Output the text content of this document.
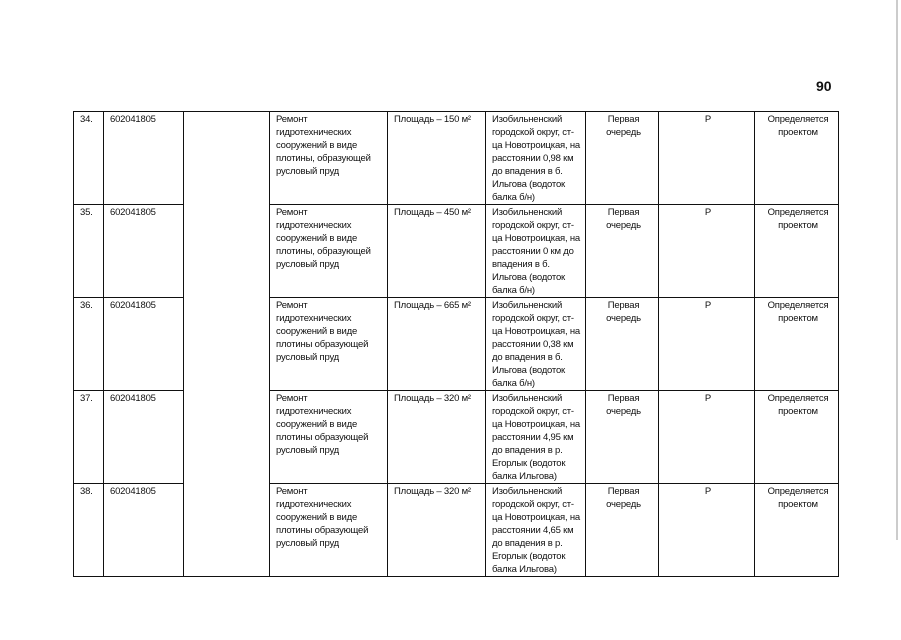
90
34.	602041805		Ремонт гидротехнических сооружений в виде плотины, образующей русловый пруд	Площадь – 150 м²	Изобильненский городской округ, ст-ца Новотроицкая, на расстоянии 0,98 км до впадения в б. Ильгова (водоток балка б/н)	Первая очередь	Р	Определяется проектом
35.	602041805		Ремонт гидротехнических сооружений в виде плотины, образующей русловый пруд	Площадь – 450 м²	Изобильненский городской округ, ст-ца Новотроицкая, на расстоянии 0 км до впадения в б. Ильгова (водоток балка б/н)	Первая очередь	Р	Определяется проектом
36.	602041805		Ремонт гидротехнических сооружений в виде плотины образующей русловый пруд	Площадь – 665 м²	Изобильненский городской округ, ст-ца Новотроицкая, на расстоянии 0,38 км до впадения в б. Ильгова (водоток балка б/н)	Первая очередь	Р	Определяется проектом
37.	602041805		Ремонт гидротехнических сооружений в виде плотины образующей русловый пруд	Площадь – 320 м²	Изобильненский городской округ, ст-ца Новотроицкая, на расстоянии 4,95 км до впадения в р. Егорлык (водоток балка Ильгова)	Первая очередь	Р	Определяется проектом
38.	602041805		Ремонт гидротехнических сооружений в виде плотины образующей русловый пруд	Площадь – 320 м²	Изобильненский городской округ, ст-ца Новотроицкая, на расстоянии 4,65 км до впадения в р. Егорлык (водоток балка Ильгова)	Первая очередь	Р	Определяется проектом
